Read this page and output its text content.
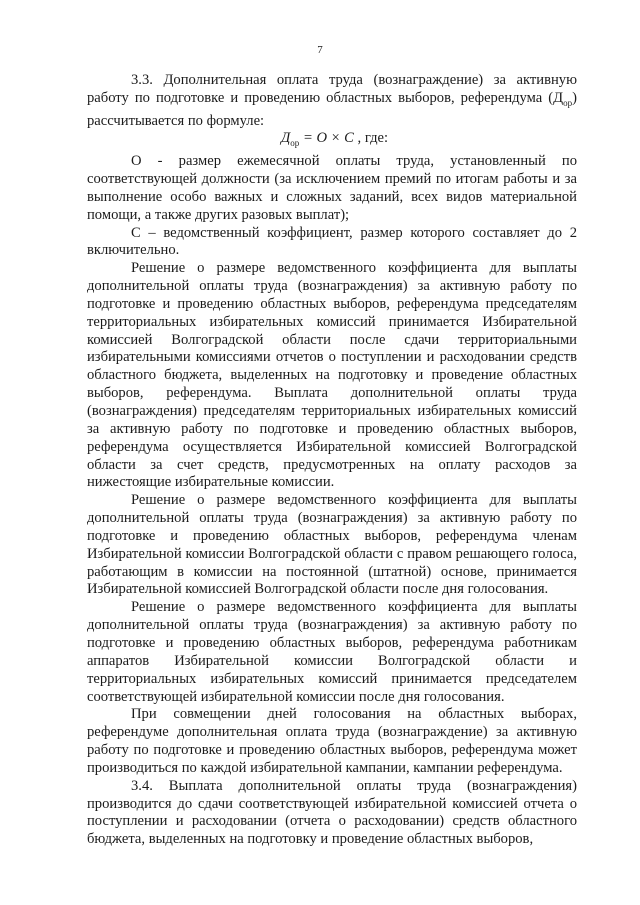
7

3.3. Дополнительная оплата труда (вознаграждение) за активную работу по подготовке и проведению областных выборов, референдума $(Д_{ор})$ рассчитывается по формуле:

$Д_{ор} = О \times С$ , где:

О - размер ежемесячной оплаты труда, установленный по соответствующей должности (за исключением премий по итогам работы и за выполнение особо важных и сложных заданий, всех видов материальной помощи, а также других разовых выплат);

С – ведомственный коэффициент, размер которого составляет до 2 включительно.

Решение о размере ведомственного коэффициента для выплаты дополнительной оплаты труда (вознаграждения) за активную работу по подготовке и проведению областных выборов, референдума председателям территориальных избирательных комиссий принимается Избирательной комиссией Волгоградской области после сдачи территориальными избирательными комиссиями отчетов о поступлении и расходовании средств областного бюджета, выделенных на подготовку и проведение областных выборов, референдума. Выплата дополнительной оплаты труда (вознаграждения) председателям территориальных избирательных комиссий за активную работу по подготовке и проведению областных выборов, референдума осуществляется Избирательной комиссией Волгоградской области за счет средств, предусмотренных на оплату расходов за нижестоящие избирательные комиссии.

Решение о размере ведомственного коэффициента для выплаты дополнительной оплаты труда (вознаграждения) за активную работу по подготовке и проведению областных выборов, референдума членам Избирательной комиссии Волгоградской области с правом решающего голоса, работающим в комиссии на постоянной (штатной) основе, принимается Избирательной комиссией Волгоградской области после дня голосования.

Решение о размере ведомственного коэффициента для выплаты дополнительной оплаты труда (вознаграждения) за активную работу по подготовке и проведению областных выборов, референдума работникам аппаратов Избирательной комиссии Волгоградской области и территориальных избирательных комиссий принимается председателем соответствующей избирательной комиссии после дня голосования.

При совмещении дней голосования на областных выборах, референдуме дополнительная оплата труда (вознаграждение) за активную работу по подготовке и проведению областных выборов, референдума может производиться по каждой избирательной кампании, кампании референдума.

3.4. Выплата дополнительной оплаты труда (вознаграждения) производится до сдачи соответствующей избирательной комиссией отчета о поступлении и расходовании (отчета о расходовании) средств областного бюджета, выделенных на подготовку и проведение областных выборов,
